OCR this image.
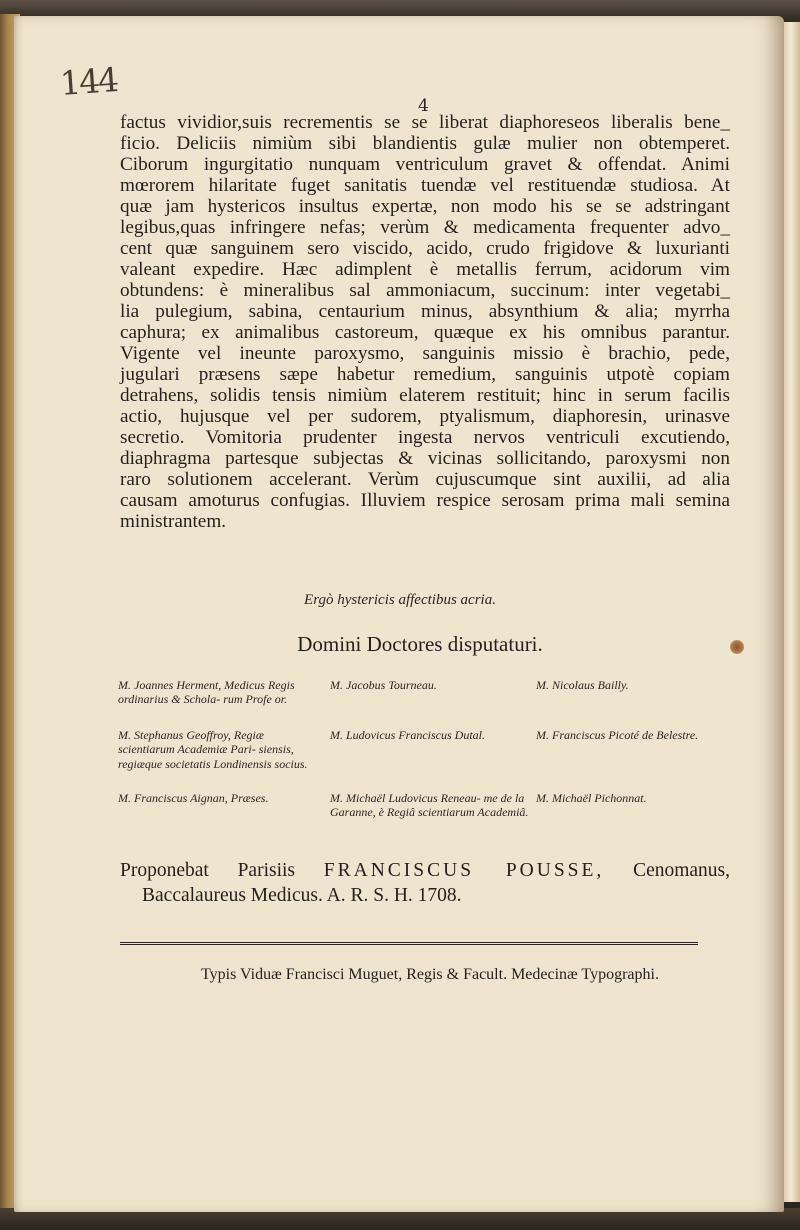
144
4
factus vividior,suis recrementis se se liberat diaphoreseos liberalis bene_
ficio. Deliciis nimiùm sibi blandientis gulæ mulier non obtemperet.
Ciborum ingurgitatio nunquam ventriculum gravet & offendat. Animi
mœrorem hilaritate fuget sanitatis tuendæ vel restituendæ studiosa. At
quæ jam hystericos insultus expertæ, non modo his se se adstringant
legibus,quas infringere nefas; verùm & medicamenta frequenter advo_
cent quæ sanguinem sero viscido, acido, crudo frigidove & luxurianti
valeant expedire. Hæc adimplent è metallis ferrum, acidorum vim
obtundens: è mineralibus sal ammoniacum, succinum: inter vegetabi_
lia pulegium, sabina, centaurium minus, absynthium & alia; myrrha
caphura; ex animalibus castoreum, quæque ex his omnibus parantur.
Vigente vel ineunte paroxysmo, sanguinis missio è brachio, pede,
jugulari præsens sæpe habetur remedium, sanguinis utpotè copiam
detrahens, solidis tensis nimiùm elaterem restituit; hinc in serum facilis
actio, hujusque vel per sudorem, ptyalismum, diaphoresin, urinasve
secretio. Vomitoria prudenter ingesta nervos ventriculi excutiendo,
diaphragma partesque subjectas & vicinas sollicitando, paroxysmi non
raro solutionem accelerant. Verùm cujuscumque sint auxilii, ad alia
causam amoturus confugias. Illuviem respice serosam prima mali semina
ministrantem.
Ergò hystericis affectibus acria.
Domini Doctores disputaturi.
M. Joannes Herment, Medicus Regis ordinarius & Schola- rum Profe or.
M. Stephanus Geoffroy, Regiæ scientiarum Academiæ Pari- siensis, regiæque societatis Londinensis socius.
M. Franciscus Aignan, Præses.
M. Jacobus Tourneau.
M. Ludovicus Franciscus Dutal.
M. Michaël Ludovicus Reneau- me de la Garanne, è Regiâ scientiarum Academiâ.
M. Nicolaus Bailly.
M. Franciscus Picoté de Belestre.
M. Michaël Pichonnat.
Proponebat Parisiis FRANCISCUS POUSSE, Cenomanus,
Baccalaureus Medicus. A. R. S. H. 1708.
Typis Viduæ Francisci Muguet, Regis & Facult. Medecinæ Typographi.
